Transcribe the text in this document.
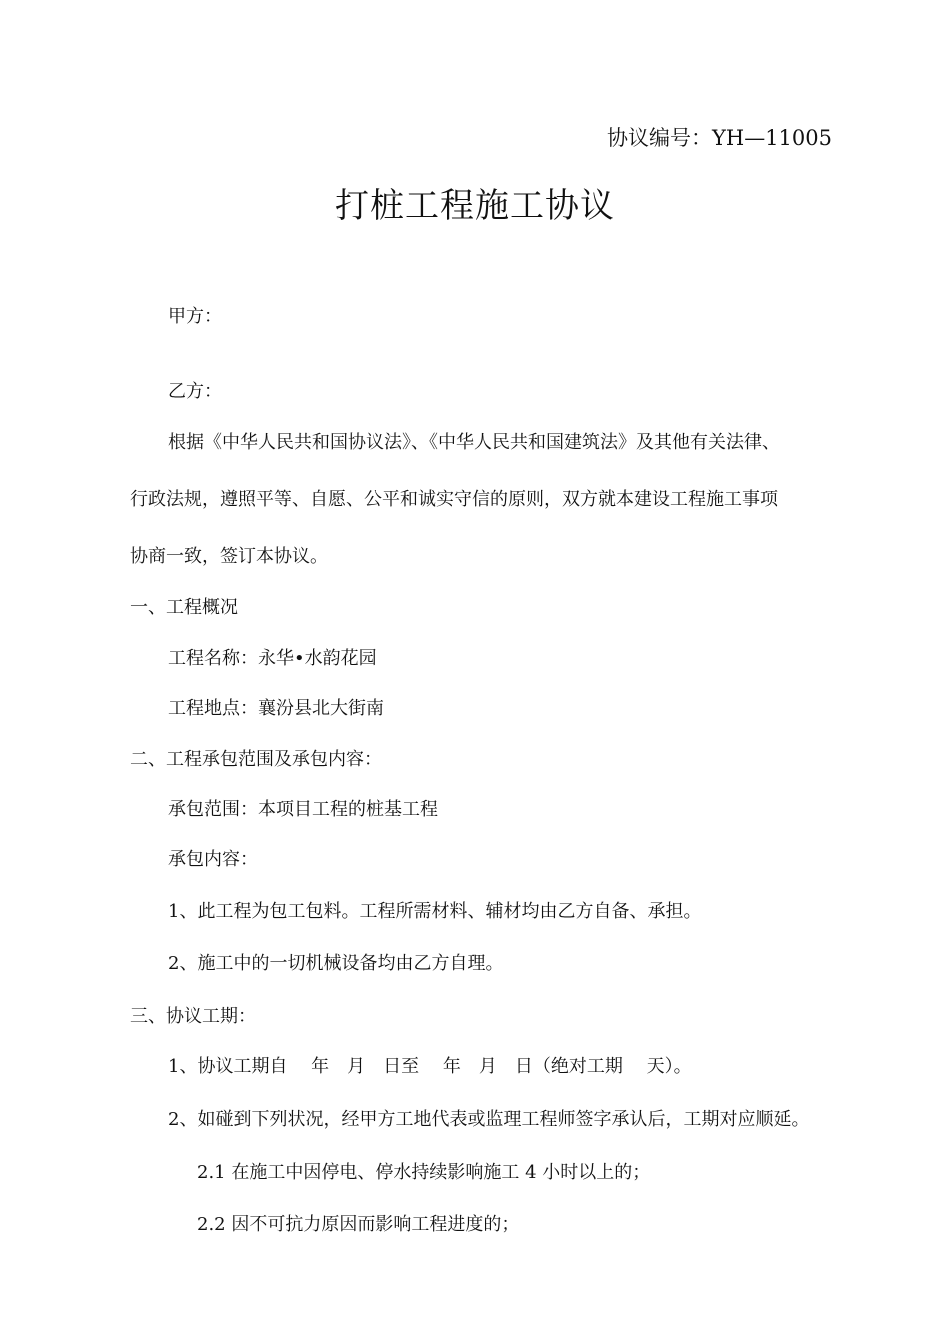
协议编号：YH—11005
打桩工程施工协议
甲方：
乙方：
根据《中华人民共和国协议法》、《中华人民共和国建筑法》及其他有关法律、
行政法规，遵照平等、自愿、公平和诚实守信的原则，双方就本建设工程施工事项
协商一致，签订本协议。
一、工程概况
工程名称：永华•水韵花园
工程地点：襄汾县北大街南
二、工程承包范围及承包内容：
承包范围：本项目工程的桩基工程
承包内容：
1、此工程为包工包料。工程所需材料、辅材均由乙方自备、承担。
2、施工中的一切机械设备均由乙方自理。
三、协议工期：
1、协议工期自　 年　月　日至　 年　月　日（绝对工期　 天）。
2、如碰到下列状况，经甲方工地代表或监理工程师签字承认后，工期对应顺延。
2.1 在施工中因停电、停水持续影响施工 4 小时以上的；
2.2 因不可抗力原因而影响工程进度的；
